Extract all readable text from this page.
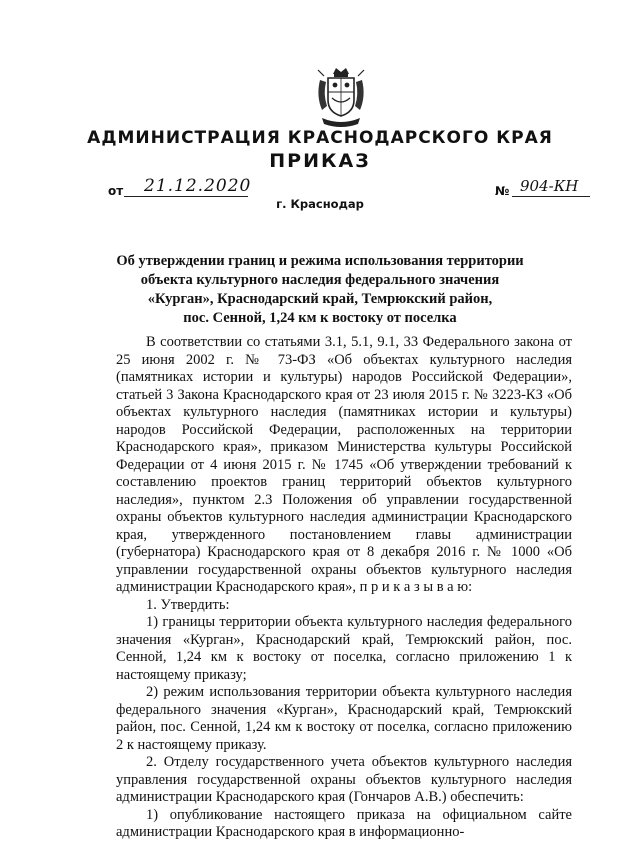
АДМИНИСТРАЦИЯ КРАСНОДАРСКОГО КРАЯ
ПРИКАЗ
от 21.12.2020	№ 904-КН
г. Краснодар
Об утверждении границ и режима использования территории
объекта культурного наследия федерального значения
«Курган», Краснодарский край, Темрюкский район,
пос. Сенной, 1,24 км к востоку от поселка

В соответствии со статьями 3.1, 5.1, 9.1, 33 Федерального закона от 25 июня 2002 г. № 73-ФЗ «Об объектах культурного наследия (памятниках истории и культуры) народов Российской Федерации», статьей 3 Закона Краснодарского края от 23 июля 2015 г. № 3223-КЗ «Об объектах культурного наследия (памятниках истории и культуры) народов Российской Федерации, расположенных на территории Краснодарского края», приказом Министерства культуры Российской Федерации от 4 июня 2015 г. № 1745 «Об утверждении требований к составлению проектов границ территорий объектов культурного наследия», пунктом 2.3 Положения об управлении государственной охраны объектов культурного наследия администрации Краснодарского края, утвержденного постановлением главы администрации (губернатора) Краснодарского края от 8 декабря 2016 г. № 1000 «Об управлении государственной охраны объектов культурного наследия администрации Краснодарского края», п р и к а з ы в а ю:

1. Утвердить:

1) границы территории объекта культурного наследия федерального значения «Курган», Краснодарский край, Темрюкский район, пос. Сенной, 1,24 км к востоку от поселка, согласно приложению 1 к настоящему приказу;

2) режим использования территории объекта культурного наследия федерального значения «Курган», Краснодарский край, Темрюкский район, пос. Сенной, 1,24 км к востоку от поселка, согласно приложению 2 к настоящему приказу.

2. Отделу государственного учета объектов культурного наследия управления государственной охраны объектов культурного наследия администрации Краснодарского края (Гончаров А.В.) обеспечить:

1) опубликование настоящего приказа на официальном сайте администрации Краснодарского края в информационно-
